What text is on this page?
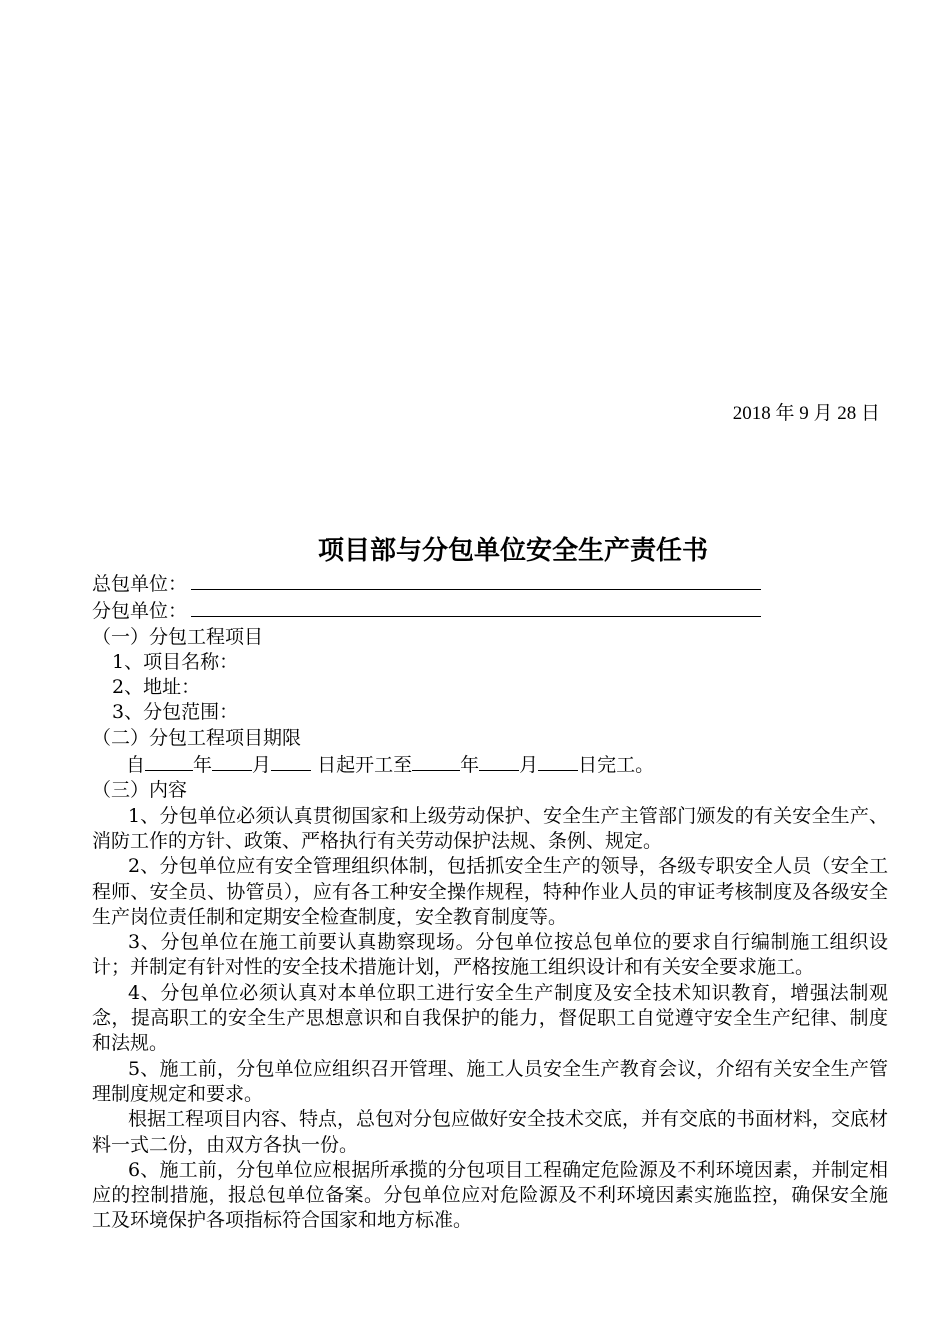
2018 年 9 月 28 日
项目部与分包单位安全生产责任书
总包单位：
分包单位：
（一）分包工程项目
1、项目名称：
2、地址：
3、分包范围：
（二）分包工程项目期限
自	年 月 日起开工至	年 月 日完工。
（三）内容
1、分包单位必须认真贯彻国家和上级劳动保护、安全生产主管部门颁发的有关安全生产、消防工作的方针、政策、严格执行有关劳动保护法规、条例、规定。
2、分包单位应有安全管理组织体制，包括抓安全生产的领导，各级专职安全人员（安全工程师、安全员、协管员），应有各工种安全操作规程，特种作业人员的审证考核制度及各级安全生产岗位责任制和定期安全检查制度，安全教育制度等。
3、分包单位在施工前要认真勘察现场。分包单位按总包单位的要求自行编制施工组织设计；并制定有针对性的安全技术措施计划，严格按施工组织设计和有关安全要求施工。
4、分包单位必须认真对本单位职工进行安全生产制度及安全技术知识教育，增强法制观念，提高职工的安全生产思想意识和自我保护的能力，督促职工自觉遵守安全生产纪律、制度和法规。
5、施工前，分包单位应组织召开管理、施工人员安全生产教育会议，介绍有关安全生产管理制度规定和要求。
根据工程项目内容、特点，总包对分包应做好安全技术交底，并有交底的书面材料，交底材料一式二份，由双方各执一份。
6、施工前，分包单位应根据所承揽的分包项目工程确定危险源及不利环境因素，并制定相应的控制措施，报总包单位备案。分包单位应对危险源及不利环境因素实施监控，确保安全施工及环境保护各项指标符合国家和地方标准。
